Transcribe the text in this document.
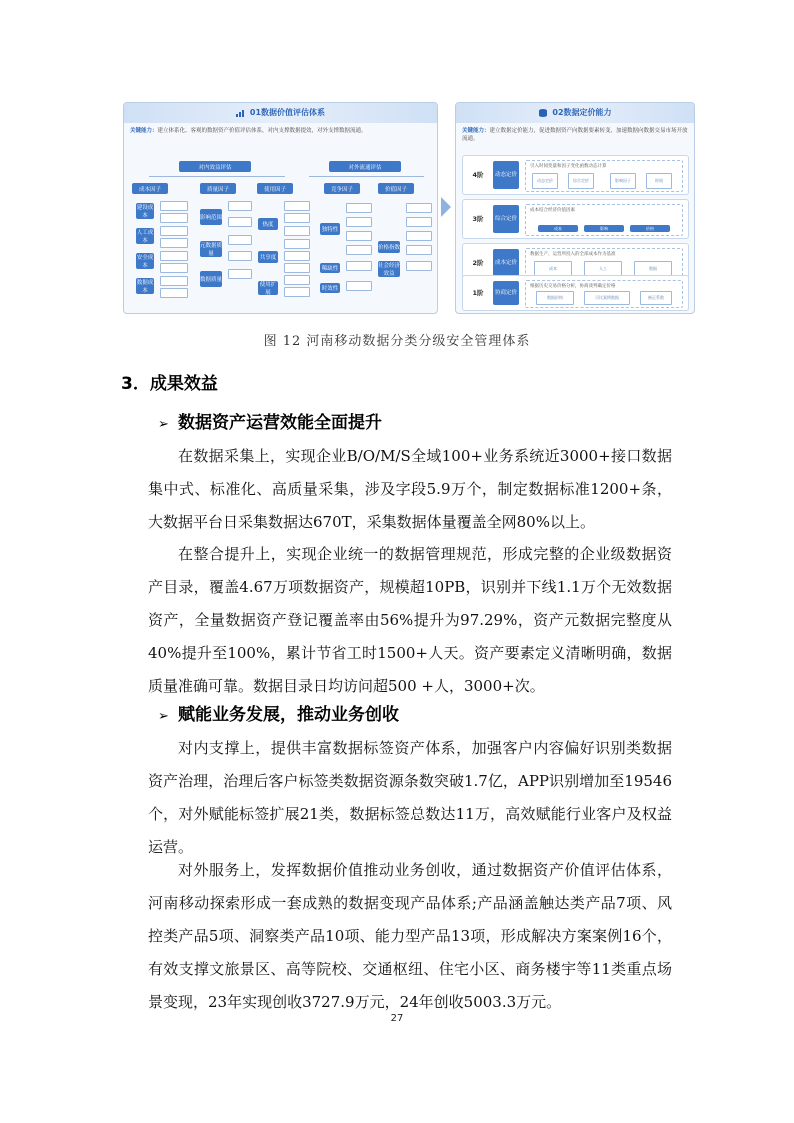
01数据价值评估体系
关键能力：建立体系化、客观的数据资产价值评估体系，对内支撑数据提效，对外支撑数据流通。
对内效益评估	对外流通评估
成本因子	质量因子	使用因子	竞争因子	价值因子
建设成本
人工成本
安全成本
数据成本
影响范围
元数据质量
数据质量
热度
共享度
使用扩展
独特性
稀缺性
时效性
价格指数
社会经济效益
02数据定价能力
关键能力：建立数据定价能力，促进数据资产向数据要素转变，加速数据向数据交易市场开放流通。
4阶	动态定价
引入时间变量和因子变化函数动态计算
动态定价	综合定价	影响因子	时间
3阶	综合定价
成本结合经济价值因素
成本	影响	价格
2阶	成本定价
数据生产、运营所投入的全部成本作为基准
成本	人工	数据
1阶	协商定价
根据历史交易价格分析，协商谈判确定价格
数据价格	可比案例数据	修正系数
图 12 河南移动数据分类分级安全管理体系
3．成果效益
➢ 数据资产运营效能全面提升
在数据采集上，实现企业B/O/M/S全域100+业务系统近3000+接口数据集中式、标准化、高质量采集，涉及字段5.9万个，制定数据标准1200+条，大数据平台日采集数据达670T，采集数据体量覆盖全网80%以上。
在整合提升上，实现企业统一的数据管理规范，形成完整的企业级数据资产目录，覆盖4.67万项数据资产，规模超10PB，识别并下线1.1万个无效数据资产，全量数据资产登记覆盖率由56%提升为97.29%，资产元数据完整度从40%提升至100%，累计节省工时1500+人天。资产要素定义清晰明确，数据质量准确可靠。数据目录日均访问超500 +人，3000+次。
➢ 赋能业务发展，推动业务创收
对内支撑上，提供丰富数据标签资产体系，加强客户内容偏好识别类数据资产治理，治理后客户标签类数据资源条数突破1.7亿，APP识别增加至19546个，对外赋能标签扩展21类，数据标签总数达11万，高效赋能行业客户及权益运营。
对外服务上，发挥数据价值推动业务创收，通过数据资产价值评估体系，河南移动探索形成一套成熟的数据变现产品体系;产品涵盖触达类产品7项、风控类产品5项、洞察类产品10项、能力型产品13项，形成解决方案案例16个，有效支撑文旅景区、高等院校、交通枢纽、住宅小区、商务楼宇等11类重点场景变现，23年实现创收3727.9万元，24年创收5003.3万元。
27
